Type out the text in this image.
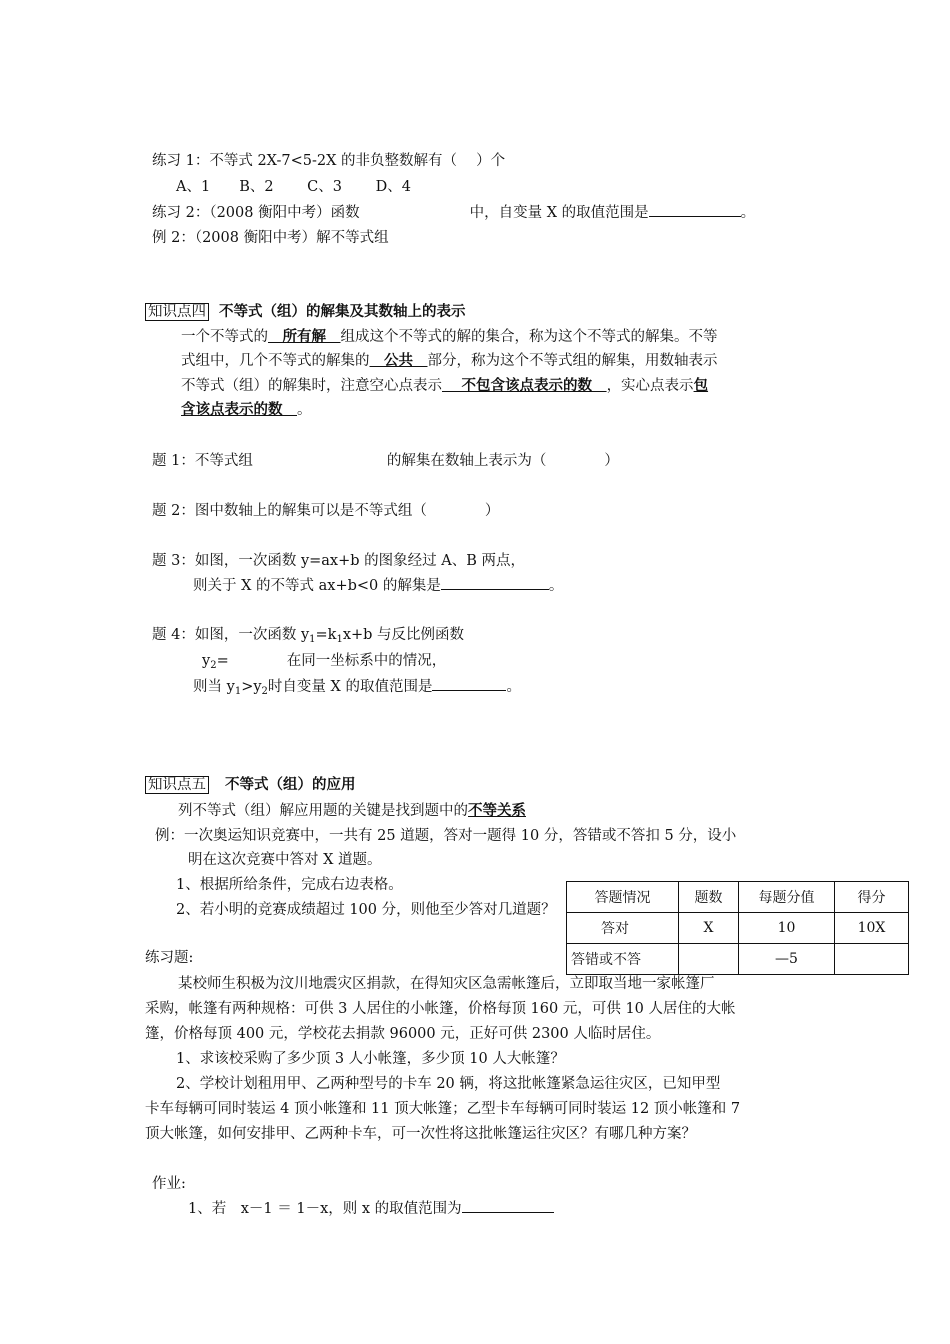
练习 1：不等式 2X-7<5-2X 的非负整数解有（　 ）个
A、1　　B、2　　 C、3　　 D、4
练习 2：（2008 衡阳中考）函数	中，自变量 X 的取值范围是	。
例 2：（2008 衡阳中考）解不等式组
知识点四 不等式（组）的解集及其数轴上的表示
一个不等式的　所有解　组成这个不等式的解的集合，称为这个不等式的解集。不等
式组中，几个不等式的解集的　公共　部分，称为这个不等式组的解集，用数轴表示
不等式（组）的解集时，注意空心点表示　 不包含该点表示的数　，实心点表示包
含该点表示的数　。
题 1：不等式组	的解集在数轴上表示为（　　　　）
题 2：图中数轴上的解集可以是不等式组（　　　　）
题 3：如图，一次函数 y=ax+b 的图象经过 A、B 两点，
则关于 X 的不等式 ax+b<0 的解集是	。
题 4：如图，一次函数 $y_1=k_1x+b$ 与反比例函数
$y_2=$	在同一坐标系中的情况，
则当 $y_1>y_2$时自变量 X 的取值范围是	。
知识点五 不等式（组）的应用
列不等式（组）解应用题的关键是找到题中的不等关系
例：一次奥运知识竞赛中，一共有 25 道题，答对一题得 10 分，答错或不答扣 5 分，设小
明在这次竞赛中答对 X 道题。
1、根据所给条件，完成右边表格。
2、若小明的竞赛成绩超过 100 分，则他至少答对几道题？
答题情况	题数	每题分值	得分
答对	X	10	10X
答错或不答		—5	
练习题:
某校师生积极为汶川地震灾区捐款，在得知灾区急需帐篷后，立即取当地一家帐篷厂
采购，帐篷有两种规格：可供 3 人居住的小帐篷，价格每顶 160 元，可供 10 人居住的大帐
篷，价格每顶 400 元，学校花去捐款 96000 元，正好可供 2300 人临时居住。
1、求该校采购了多少顶 3 人小帐篷，多少顶 10 人大帐篷？
2、学校计划租用甲、乙两种型号的卡车 20 辆，将这批帐篷紧急运往灾区，已知甲型
卡车每辆可同时装运 4 顶小帐篷和 11 顶大帐篷；乙型卡车每辆可同时装运 12 顶小帐篷和 7
顶大帐篷，如何安排甲、乙两种卡车，可一次性将这批帐篷运往灾区？有哪几种方案？
作业:
1、若　x－1 ＝ 1－x，则 x 的取值范围为
